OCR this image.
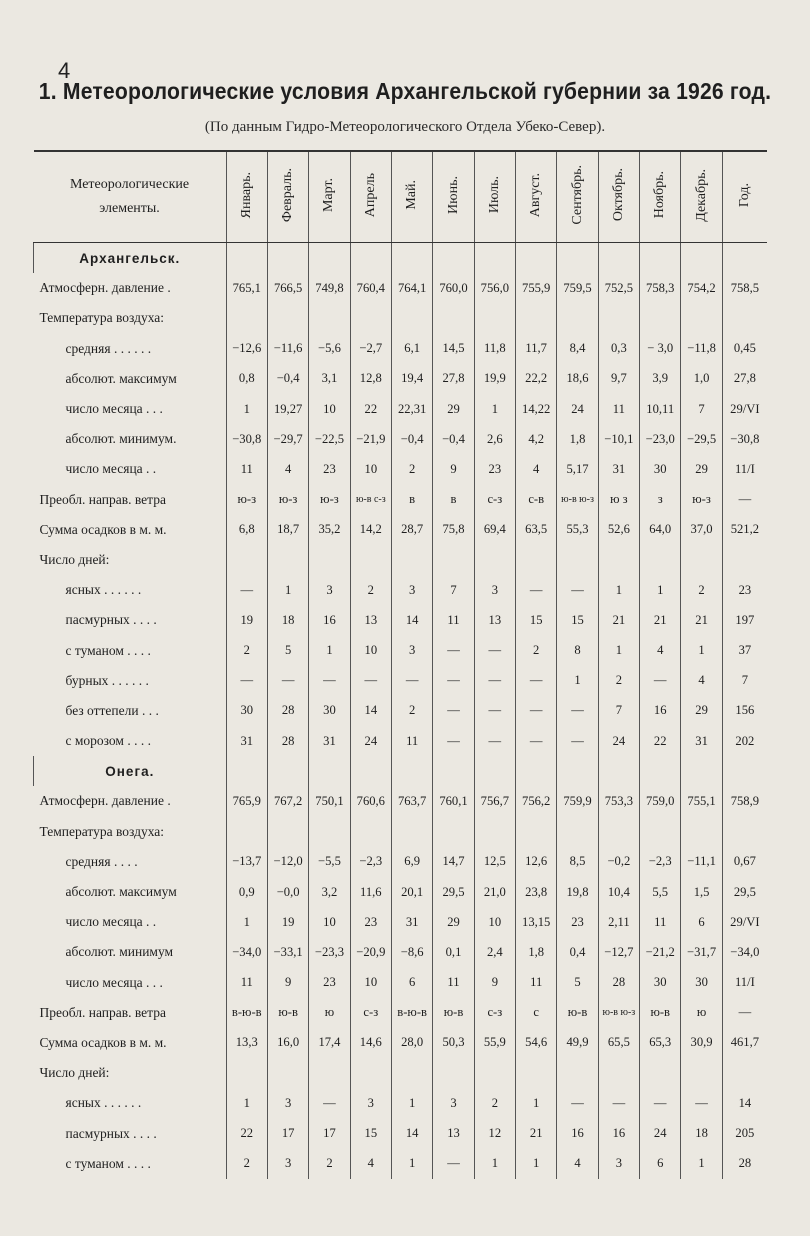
4
1. Метеорологические условия Архангельской губернии за 1926 год.
(По данным Гидро-Метеорологического Отдела Убеко-Север).
Метеорологические элементы.	Январь.	Февраль.	Март.	Апрель	Май.	Июнь.	Июль.	Август.	Сентябрь.	Октябрь.	Ноябрь.	Декабрь.	Год.
Архангельск.													
Атмосферн. давление .	765,1	766,5	749,8	760,4	764,1	760,0	756,0	755,9	759,5	752,5	758,3	754,2	758,5
Температура воздуха:													
средняя . . . . . .	−12,6	−11,6	−5,6	−2,7	6,1	14,5	11,8	11,7	8,4	0,3	− 3,0	−11,8	0,45
абсолют. максимум	0,8	−0,4	3,1	12,8	19,4	27,8	19,9	22,2	18,6	9,7	3,9	1,0	27,8
число месяца . . .	1	19,27	10	22	22,31	29	1	14,22	24	11	10,11	7	29/VI
абсолют. минимум.	−30,8	−29,7	−22,5	−21,9	−0,4	−0,4	2,6	4,2	1,8	−10,1	−23,0	−29,5	−30,8
число месяца . .	11	4	23	10	2	9	23	4	5,17	31	30	29	11/I
Преобл. направ. ветра	ю-з	ю-з	ю-з	ю-в с-з	в	в	с-з	с-в	ю-в ю-з	ю з	з	ю-з	—
Сумма осадков в м. м.	6,8	18,7	35,2	14,2	28,7	75,8	69,4	63,5	55,3	52,6	64,0	37,0	521,2
Число дней:													
ясных . . . . . .	—	1	3	2	3	7	3	—	—	1	1	2	23
пасмурных . . . .	19	18	16	13	14	11	13	15	15	21	21	21	197
с туманом . . . .	2	5	1	10	3	—	—	2	8	1	4	1	37
бурных . . . . . .	—	—	—	—	—	—	—	—	1	2	—	4	7
без оттепели . . .	30	28	30	14	2	—	—	—	—	7	16	29	156
с морозом . . . .	31	28	31	24	11	—	—	—	—	24	22	31	202
Онега.													
Атмосферн. давление .	765,9	767,2	750,1	760,6	763,7	760,1	756,7	756,2	759,9	753,3	759,0	755,1	758,9
Температура воздуха:													
средняя . . . .	−13,7	−12,0	−5,5	−2,3	6,9	14,7	12,5	12,6	8,5	−0,2	−2,3	−11,1	0,67
абсолют. максимум	0,9	−0,0	3,2	11,6	20,1	29,5	21,0	23,8	19,8	10,4	5,5	1,5	29,5
число месяца . .	1	19	10	23	31	29	10	13,15	23	2,11	11	6	29/VI
абсолют. минимум	−34,0	−33,1	−23,3	−20,9	−8,6	0,1	2,4	1,8	0,4	−12,7	−21,2	−31,7	−34,0
число месяца . . .	11	9	23	10	6	11	9	11	5	28	30	30	11/I
Преобл. направ. ветра	в-ю-в	ю-в	ю	с-з	в-ю-в	ю-в	с-з	с	ю-в	ю-в ю-з	ю-в	ю	—
Сумма осадков в м. м.	13,3	16,0	17,4	14,6	28,0	50,3	55,9	54,6	49,9	65,5	65,3	30,9	461,7
Число дней:													
ясных . . . . . .	1	3	—	3	1	3	2	1	—	—	—	—	14
пасмурных . . . .	22	17	17	15	14	13	12	21	16	16	24	18	205
с туманом . . . .	2	3	2	4	1	—	1	1	4	3	6	1	28
